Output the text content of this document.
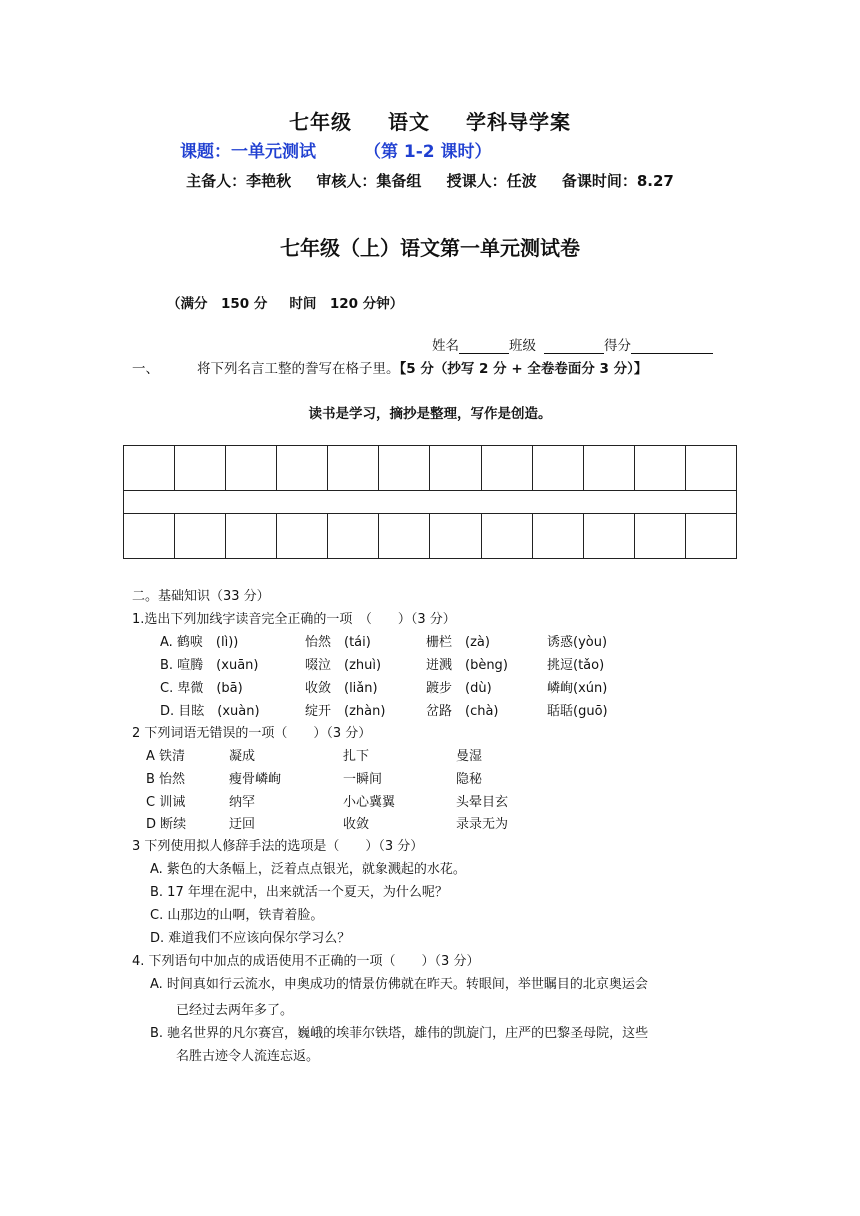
七年级 语文 学科导学案
课题：一单元测试	（第 1-2 课时）
主备人：李艳秋 审核人：集备组 授课人：任波 备课时间：8.27
七年级（上）语文第一单元测试卷
（满分　150 分 时间　120 分钟）
姓名	班级	得分
一、	将下列名言工整的誊写在格子里。【5 分（抄写 2 分 + 全卷卷面分 3 分）】
读书是学习，摘抄是整理，写作是创造。

二。基础知识（33 分）
1.选出下列加线字读音完全正确的一项　（　　）（3 分）
A. 鹤唳　(lì))	怡然　(tái)	栅栏　(zà)	诱惑(yòu)
B. 喧腾　(xuān)	啜泣　(zhuì)	迸溅　(bèng)	挑逗(tǎo)
C. 卑微　(bā)	收敛　(liǎn)	踱步　(dù)	嶙峋(xún)
D. 目眩　(xuàn)	绽开　(zhàn)	岔路　(chà)	聒聒(guō)
2 下列词语无错误的一项（　　）（3 分）
A 铁清	凝成	扎下	曼湿
B 怡然	瘦骨嶙峋	一瞬间	隐秘
C 训诫	纳罕	小心冀翼	头晕目玄
D 断续	迂回	收敛	录录无为
3 下列使用拟人修辞手法的选项是（　　）（3 分）
A. 紫色的大条幅上，泛着点点银光，就象溅起的水花。
B. 17 年埋在泥中，出来就活一个夏天，为什么呢？
C. 山那边的山啊，铁青着脸。
D. 难道我们不应该向保尔学习么？
4. 下列语句中加点的成语使用不正确的一项（　　）（3 分）
A. 时间真如行云流水，申奥成功的情景仿佛就在昨天。转眼间，举世瞩目的北京奥运会
已经过去两年多了。
B. 驰名世界的凡尔赛宫，巍峨的埃菲尔铁塔，雄伟的凯旋门，庄严的巴黎圣母院，这些
名胜古迹令人流连忘返。
